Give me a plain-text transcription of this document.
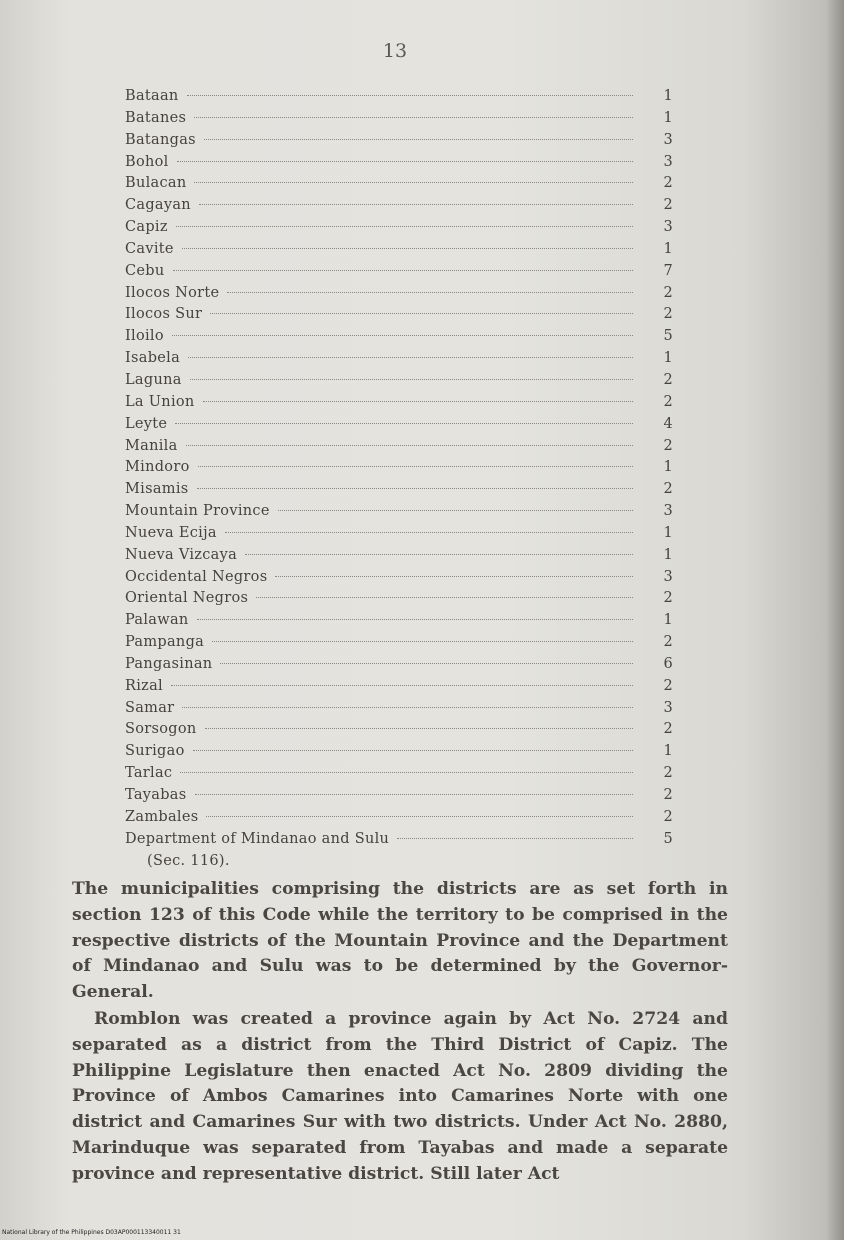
13
Bataan	1
Batanes	1
Batangas	3
Bohol	3
Bulacan	2
Cagayan	2
Capiz	3
Cavite	1
Cebu	7
Ilocos Norte	2
Ilocos Sur	2
Iloilo	5
Isabela	1
Laguna	2
La Union	2
Leyte	4
Manila	2
Mindoro	1
Misamis	2
Mountain Province	3
Nueva Ecija	1
Nueva Vizcaya	1
Occidental Negros	3
Oriental Negros	2
Palawan	1
Pampanga	2
Pangasinan	6
Rizal	2
Samar	3
Sorsogon	2
Surigao	1
Tarlac	2
Tayabas	2
Zambales	2
Department of Mindanao and Sulu	5
(Sec. 116).
The municipalities comprising the districts are as set forth in section 123 of this Code while the territory to be comprised in the respective districts of the Mountain Province and the Department of Mindanao and Sulu was to be determined by the Governor-General.
Romblon was created a province again by Act No. 2724 and separated as a district from the Third District of Capiz. The Philippine Legislature then enacted Act No. 2809 dividing the Province of Ambos Camarines into Camarines Norte with one district and Camarines Sur with two districts. Under Act No. 2880, Marinduque was separated from Tayabas and made a separate province and representative district. Still later Act
National Library of the Philippines D03AP000113340011 31
